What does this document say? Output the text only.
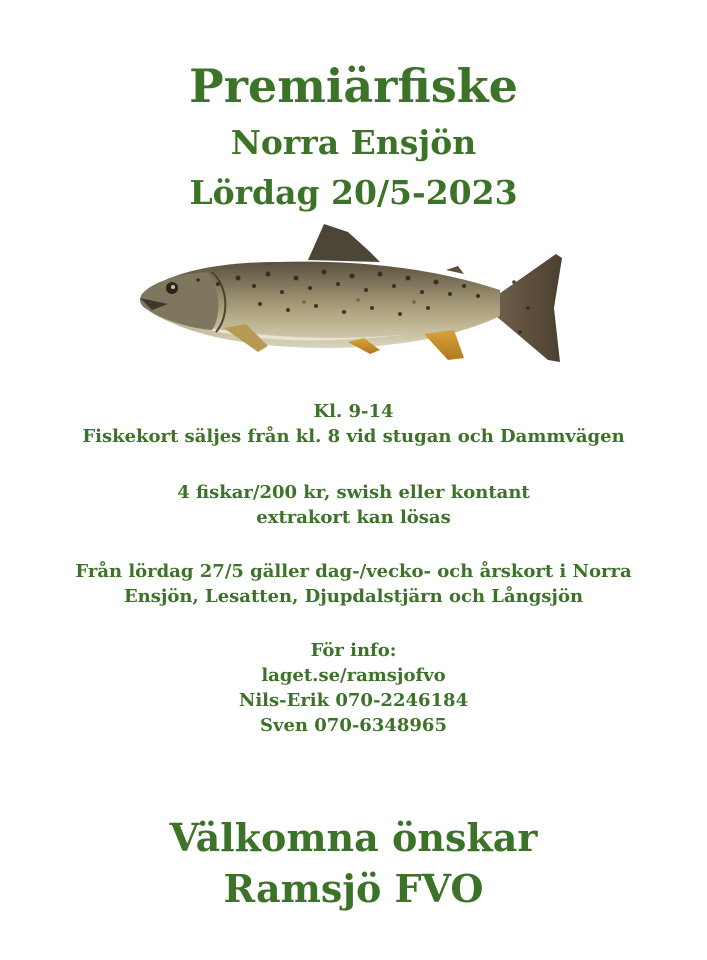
Premiärfiske
Norra Ensjön
Lördag 20/5-2023

Kl. 9-14
Fiskekort säljes från kl. 8 vid stugan och Dammvägen

4 fiskar/200 kr, swish eller kontant
extrakort kan lösas

Från lördag 27/5 gäller dag-/vecko- och årskort i Norra
Ensjön, Lesatten, Djupdalstjärn och Långsjön

För info:
laget.se/ramsjofvo
Nils-Erik 070-2246184
Sven 070-6348965

Välkomna önskar
Ramsjö FVO
